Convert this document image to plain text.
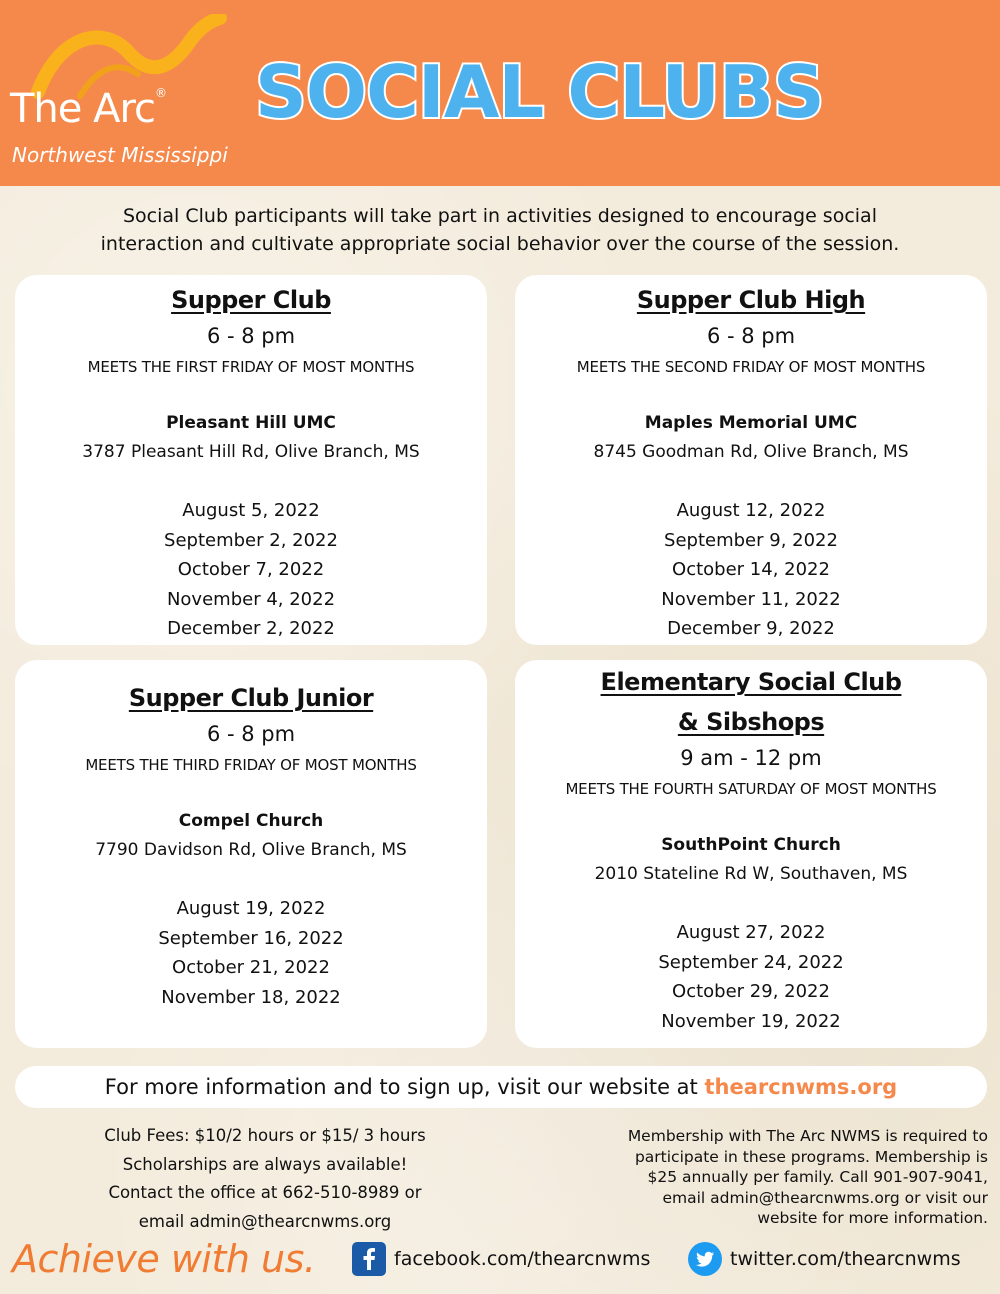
The Arc®
Northwest Mississippi
SOCIAL CLUBS
Social Club participants will take part in activities designed to encourage social
interaction and cultivate appropriate social behavior over the course of the session.
Supper Club
6 - 8 pm
MEETS THE FIRST FRIDAY OF MOST MONTHS
Pleasant Hill UMC
3787 Pleasant Hill Rd, Olive Branch, MS
August 5, 2022
September 2, 2022
October 7, 2022
November 4, 2022
December 2, 2022
Supper Club High
6 - 8 pm
MEETS THE SECOND FRIDAY OF MOST MONTHS
Maples Memorial UMC
8745 Goodman Rd, Olive Branch, MS
August 12, 2022
September 9, 2022
October 14, 2022
November 11, 2022
December 9, 2022
Supper Club Junior
6 - 8 pm
MEETS THE THIRD FRIDAY OF MOST MONTHS
Compel Church
7790 Davidson Rd, Olive Branch, MS
August 19, 2022
September 16, 2022
October 21, 2022
November 18, 2022
Elementary Social Club
& Sibshops
9 am - 12 pm
MEETS THE FOURTH SATURDAY OF MOST MONTHS
SouthPoint Church
2010 Stateline Rd W, Southaven, MS
August 27, 2022
September 24, 2022
October 29, 2022
November 19, 2022
For more information and to sign up, visit our website at thearcnwms.org
Club Fees: $10/2 hours or $15/ 3 hours
Scholarships are always available!
Contact the office at 662-510-8989 or
email admin@thearcnwms.org
Membership with The Arc NWMS is required to
participate in these programs. Membership is
$25 annually per family. Call 901-907-9041,
email admin@thearcnwms.org or visit our
website for more information.
Achieve with us.	facebook.com/thearcnwms	twitter.com/thearcnwms
